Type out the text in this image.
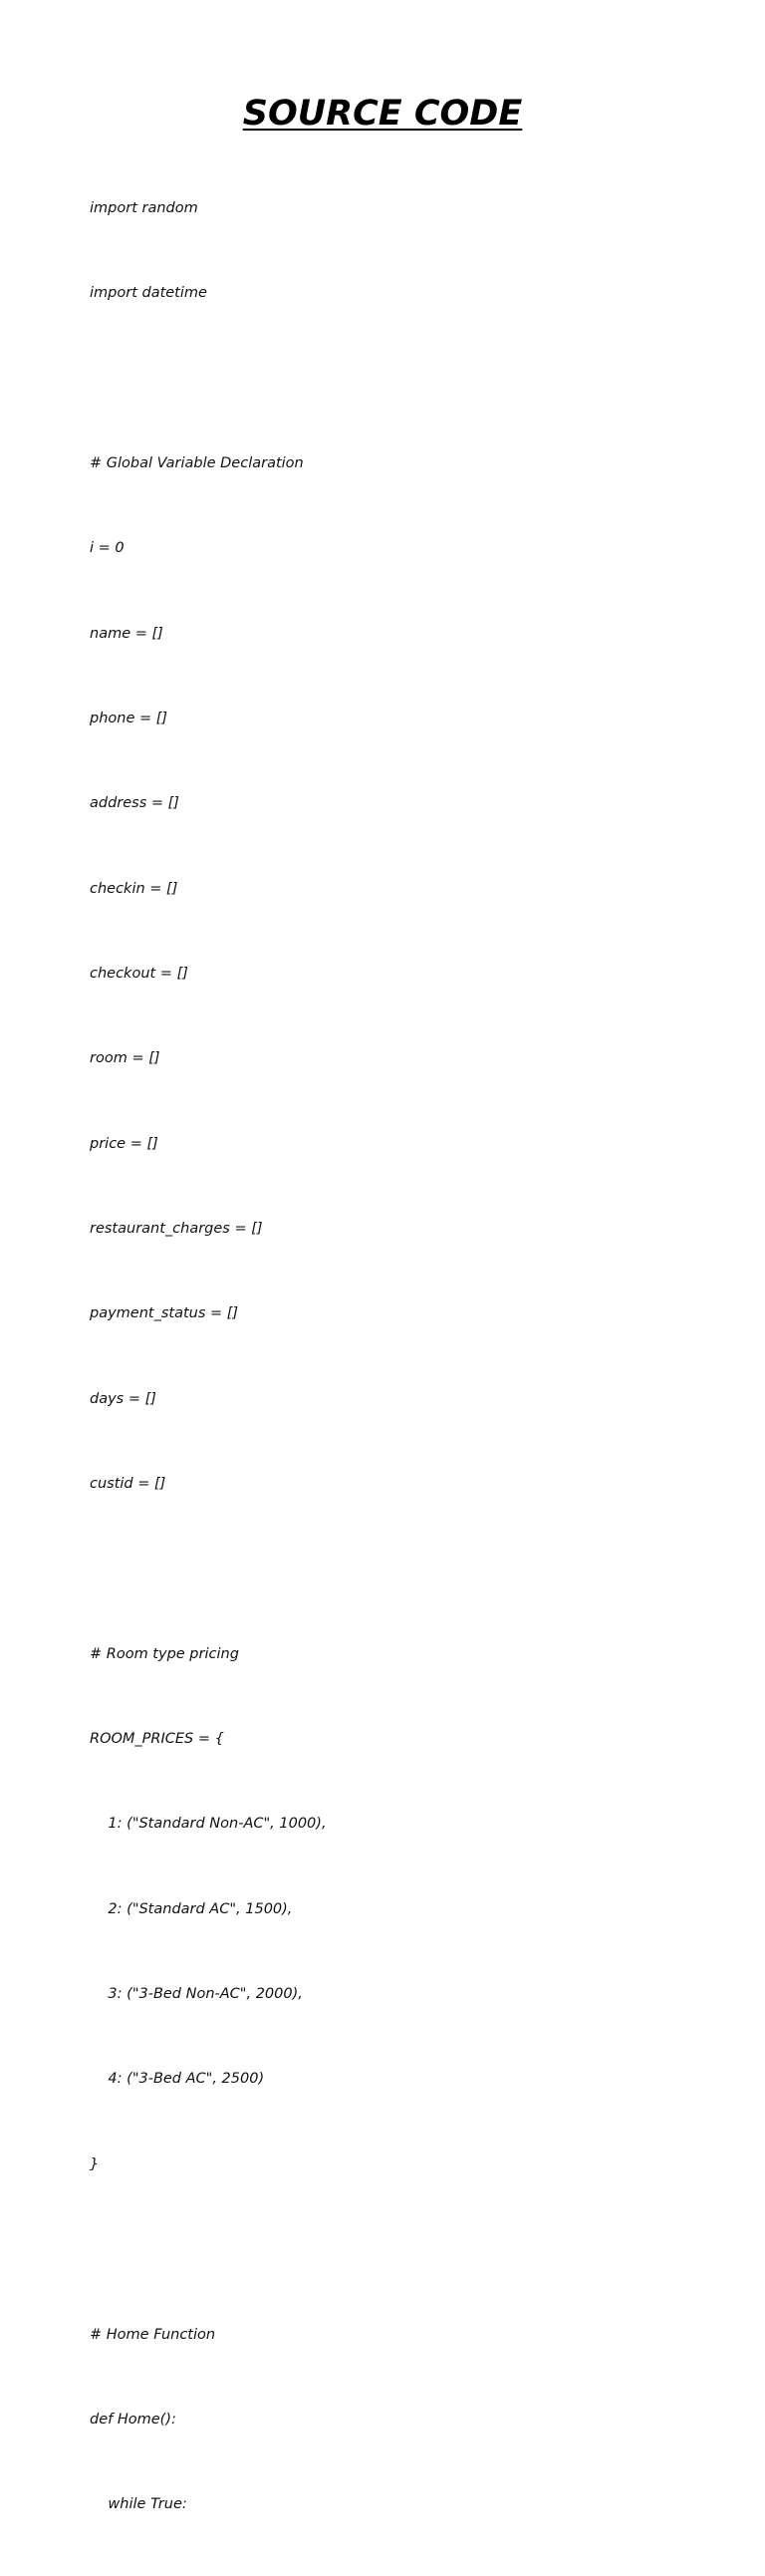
SOURCE CODE

import random

import datetime

# Global Variable Declaration

i = 0

name = []

phone = []

address = []

checkin = []

checkout = []

room = []

price = []

restaurant_charges = []

payment_status = []

days = []

custid = []

# Room type pricing

ROOM_PRICES = {

1: ("Standard Non-AC", 1000),

2: ("Standard AC", 1500),

3: ("3-Bed Non-AC", 2000),

4: ("3-Bed AC", 2500)

}

# Home Function

def Home():

while True:
